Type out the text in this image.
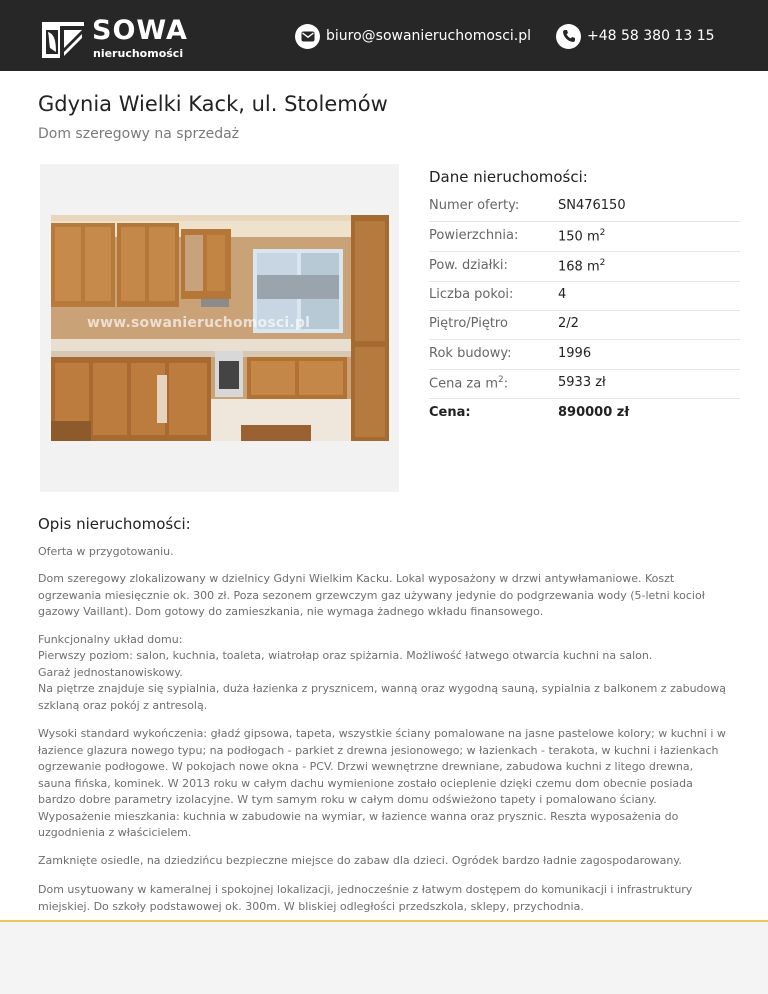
SOWA
nieruchomości
biuro@sowanieruchomosci.pl	+48 58 380 13 15
Gdynia Wielki Kack, ul. Stolemów
Dom szeregowy na sprzedaż
www.sowanieruchomosci.pl
Dane nieruchomości:
Numer oferty:	SN476150
Powierzchnia:	150 $m^2$
Pow. działki:	168 $m^2$
Liczba pokoi:	4
Piętro/Piętro	2/2
Rok budowy:	1996
Cena za $m^2$:	5933 zł
Cena:	890000 zł
Opis nieruchomości:
Oferta w przygotowaniu.
Dom szeregowy zlokalizowany w dzielnicy Gdyni Wielkim Kacku. Lokal wyposażony w drzwi antywłamaniowe. Koszt ogrzewania miesięcznie ok. 300 zł. Poza sezonem grzewczym gaz używany jedynie do podgrzewania wody (5-letni kocioł gazowy Vaillant). Dom gotowy do zamieszkania, nie wymaga żadnego wkładu finansowego.
Funkcjonalny układ domu:
Pierwszy poziom: salon, kuchnia, toaleta, wiatrołap oraz spiżarnia. Możliwość łatwego otwarcia kuchni na salon.
Garaż jednostanowiskowy.
Na piętrze znajduje się sypialnia, duża łazienka z prysznicem, wanną oraz wygodną sauną, sypialnia z balkonem z zabudową szklaną oraz pokój z antresolą.
Wysoki standard wykończenia: gładź gipsowa, tapeta, wszystkie ściany pomalowane na jasne pastelowe kolory; w kuchni i w łazience glazura nowego typu; na podłogach - parkiet z drewna jesionowego; w łazienkach - terakota, w kuchni i łazienkach ogrzewanie podłogowe. W pokojach nowe okna - PCV. Drzwi wewnętrzne drewniane, zabudowa kuchni z litego drewna, sauna fińska, kominek. W 2013 roku w całym dachu wymienione zostało ocieplenie dzięki czemu dom obecnie posiada bardzo dobre parametry izolacyjne. W tym samym roku w całym domu odświeżono tapety i pomalowano ściany. Wyposażenie mieszkania: kuchnia w zabudowie na wymiar, w łazience wanna oraz prysznic. Reszta wyposażenia do uzgodnienia z właścicielem.
Zamknięte osiedle, na dziedzińcu bezpieczne miejsce do zabaw dla dzieci. Ogródek bardzo ładnie zagospodarowany.
Dom usytuowany w kameralnej i spokojnej lokalizacji, jednocześnie z łatwym dostępem do komunikacji i infrastruktury miejskiej. Do szkoły podstawowej ok. 300m. W bliskiej odległości przedszkola, sklepy, przychodnia.
